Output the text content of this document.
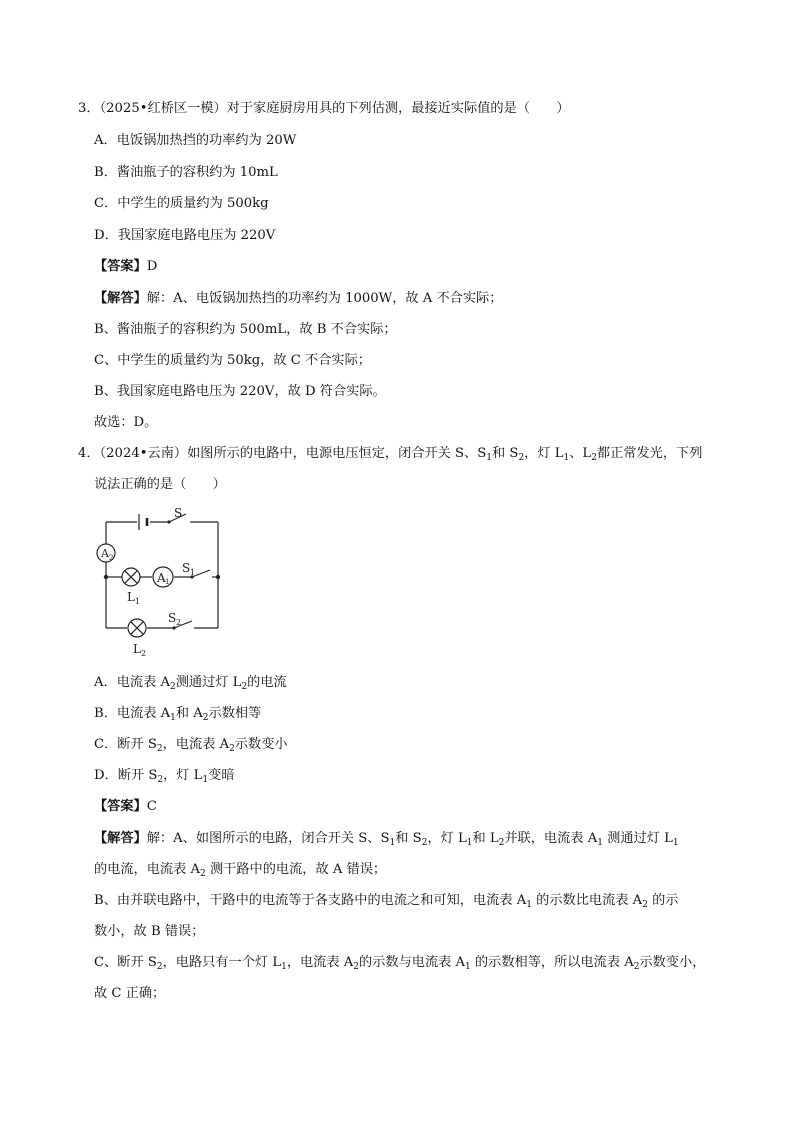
3．（2025•红桥区一模）对于家庭厨房用具的下列估测，最接近实际值的是（　　）
A．电饭锅加热挡的功率约为 20W
B．酱油瓶子的容积约为 10mL
C．中学生的质量约为 500kg
D．我国家庭电路电压为 220V
【答案】D
【解答】解：A、电饭锅加热挡的功率约为 1000W，故 A 不合实际；
B、酱油瓶子的容积约为 500mL，故 B 不合实际；
C、中学生的质量约为 50kg，故 C 不合实际；
B、我国家庭电路电压为 220V，故 D 符合实际。
故选：D。
4．（2024•云南）如图所示的电路中，电源电压恒定，闭合开关 S、$S_1$和 $S_2$，灯 $L_1$、$L_2$都正常发光，下列
说法正确的是（　　）
A 2
A 1
S
S 1
S 2
L 1
L 2
A．电流表 $A_2$测通过灯 $L_2$的电流
B．电流表 $A_1$和 $A_2$示数相等
C．断开 $S_2$，电流表 $A_2$示数变小
D．断开 $S_2$，灯 $L_1$变暗
【答案】C
【解答】解：A、如图所示的电路，闭合开关 S、$S_1$和 $S_2$，灯 $L_1$和 $L_2$并联，电流表 $A_1$ 测通过灯 $L_1$
的电流，电流表 $A_2$ 测干路中的电流，故 A 错误；
B、由并联电路中，干路中的电流等于各支路中的电流之和可知，电流表 $A_1$ 的示数比电流表 $A_2$ 的示
数小，故 B 错误；
C、断开 $S_2$，电路只有一个灯 $L_1$，电流表 $A_2$的示数与电流表 $A_1$ 的示数相等，所以电流表 $A_2$示数变小，
故 C 正确；
